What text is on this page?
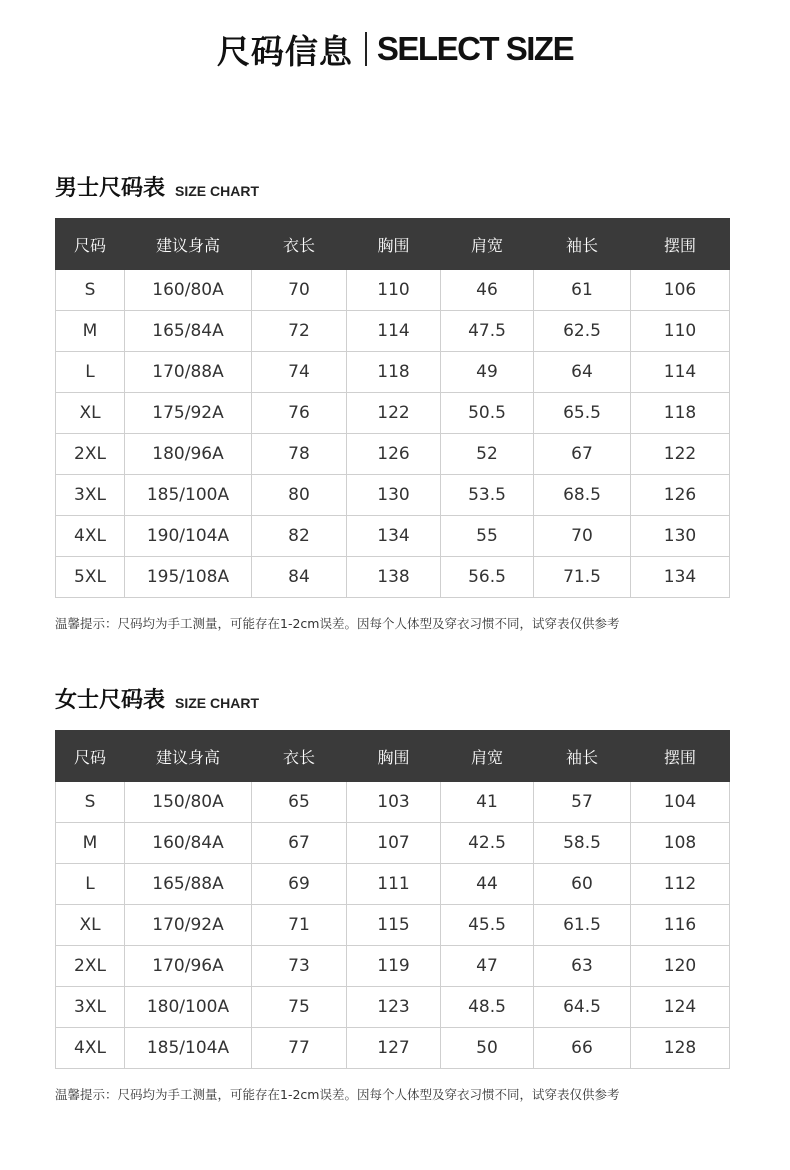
尺码信息 SELECT SIZE
男士尺码表 SIZE CHART
尺码	建议身高	衣长	胸围	肩宽	袖长	摆围
S	160/80A	70	110	46	61	106
M	165/84A	72	114	47.5	62.5	110
L	170/88A	74	118	49	64	114
XL	175/92A	76	122	50.5	65.5	118
2XL	180/96A	78	126	52	67	122
3XL	185/100A	80	130	53.5	68.5	126
4XL	190/104A	82	134	55	70	130
5XL	195/108A	84	138	56.5	71.5	134
温馨提示：尺码均为手工测量，可能存在1-2cm误差。因每个人体型及穿衣习惯不同，试穿表仅供参考
女士尺码表 SIZE CHART
尺码	建议身高	衣长	胸围	肩宽	袖长	摆围
S	150/80A	65	103	41	57	104
M	160/84A	67	107	42.5	58.5	108
L	165/88A	69	111	44	60	112
XL	170/92A	71	115	45.5	61.5	116
2XL	170/96A	73	119	47	63	120
3XL	180/100A	75	123	48.5	64.5	124
4XL	185/104A	77	127	50	66	128
温馨提示：尺码均为手工测量，可能存在1-2cm误差。因每个人体型及穿衣习惯不同，试穿表仅供参考
